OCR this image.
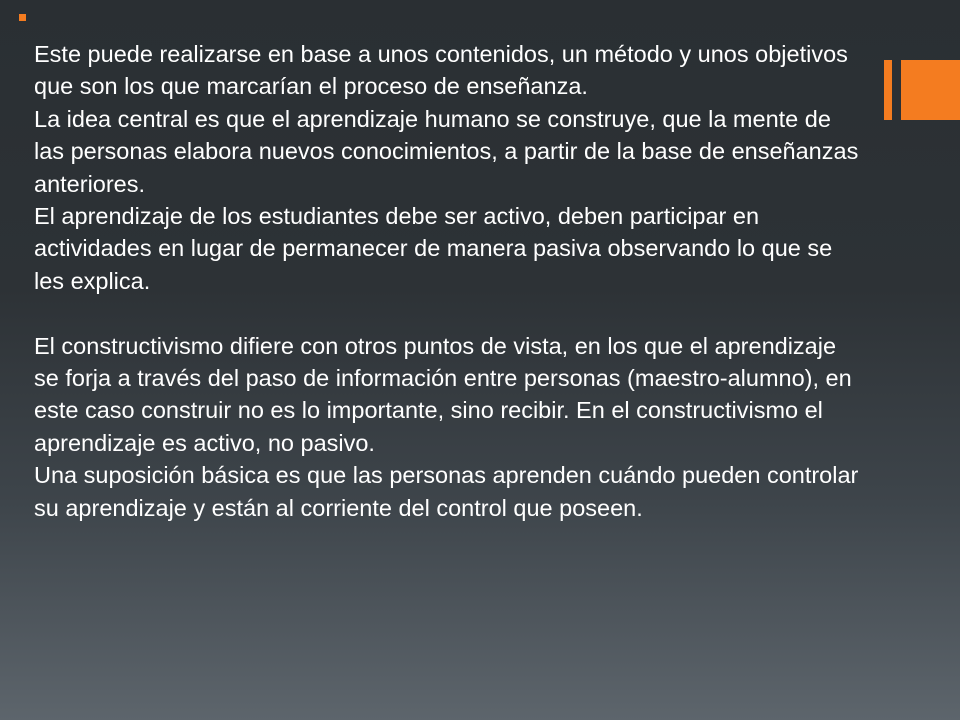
Este puede realizarse en base a unos contenidos, un método y unos objetivos que son los que marcarían el proceso de enseñanza.

La idea central es que el aprendizaje humano se construye, que la mente de las personas elabora nuevos conocimientos, a partir de la base de enseñanzas anteriores.

El aprendizaje de los estudiantes debe ser activo, deben participar en actividades en lugar de permanecer de manera pasiva observando lo que se les explica.

El constructivismo difiere con otros puntos de vista, en los que el aprendizaje se forja a través del paso de información entre personas (maestro-alumno), en este caso construir no es lo importante, sino recibir. En el constructivismo el aprendizaje es activo, no pasivo.

Una suposición básica es que las personas aprenden cuándo pueden controlar su aprendizaje y están al corriente del control que poseen.
